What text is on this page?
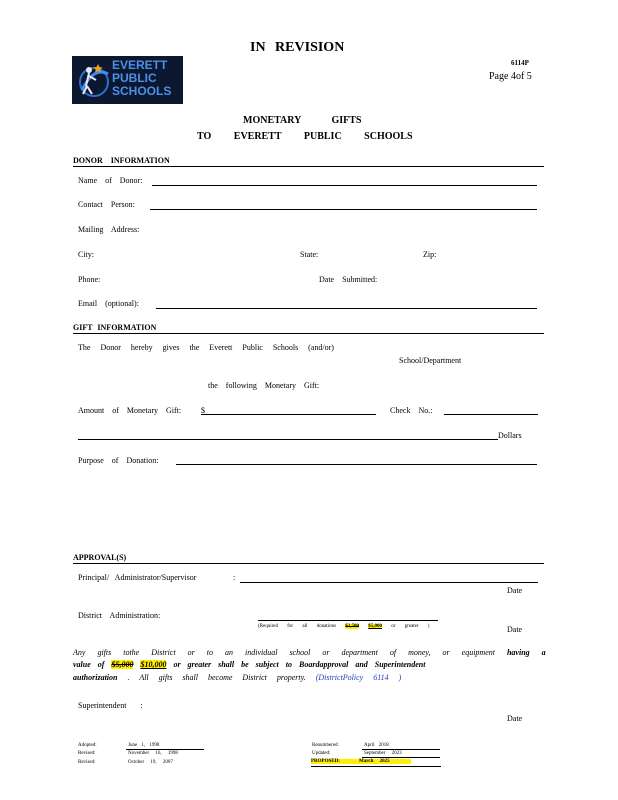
IN REVISION
6114P
Page 4of 5
EVERETT
PUBLIC
SCHOOLS
MONETARY GIFTS
TO EVERETT PUBLIC SCHOOLS
DONOR INFORMATION
Name of Donor:
Contact Person:
Mailing Address:
City:	State:	Zip:
Phone:	Date Submitted:
Email (optional):
GIFT INFORMATION
The Donor hereby gives the Everett Public Schools (and/or)
School/Department
the following Monetary Gift:
Amount of Monetary Gift: $	Check No.:
Dollars
Purpose of Donation:
APPROVAL(S)
Principal/ Administrator/Supervisor	:
Date
District Administration:
(Required for all donations $2,500 $5,000 or greater )	Date
Any gifts tothe District or to an individual school or department of money, or equipment having a
value of $5,000 $10,000 or greater shall be subject to Boardapproval and Superintendent
authorization . All gifts shall become District property. (DistrictPolicy 6114 )
Superintendent :
Date
Adopted:	June 1, 1998
Revised:	November 16, 1998
Revised:	October 19, 2007
Renumbered:	April 2018
Updated:	September 2023
PROPOSED:	March 2025
